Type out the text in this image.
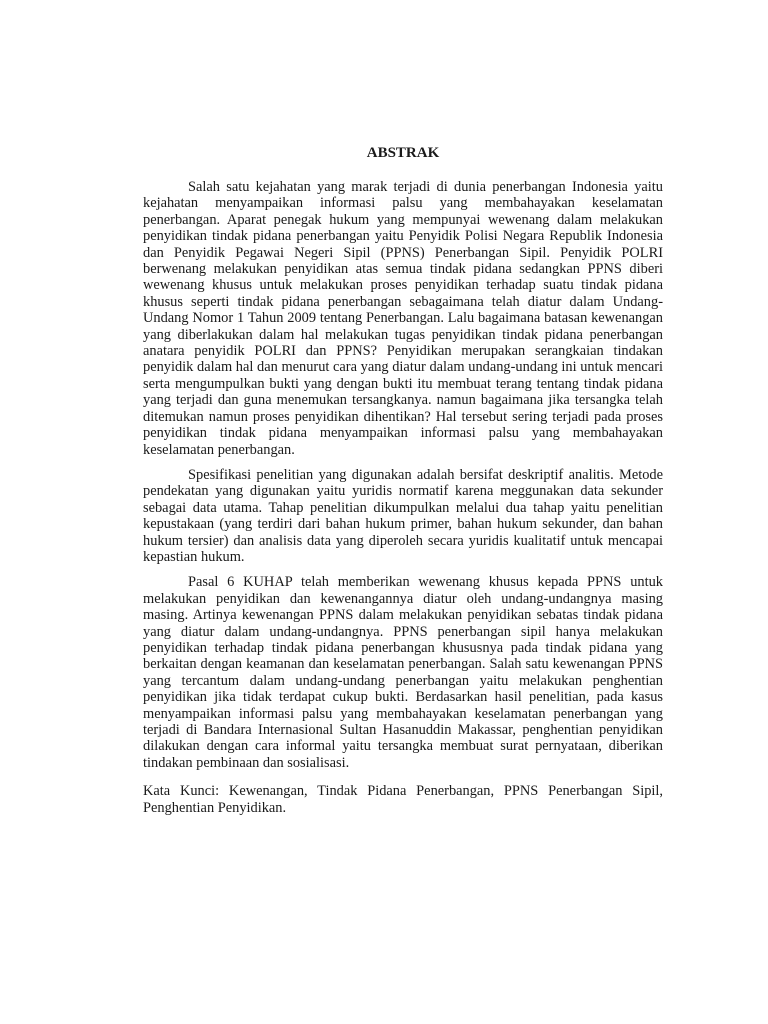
ABSTRAK

Salah satu kejahatan yang marak terjadi di dunia penerbangan Indonesia yaitu kejahatan menyampaikan informasi palsu yang membahayakan keselamatan penerbangan. Aparat penegak hukum yang mempunyai wewenang dalam melakukan penyidikan tindak pidana penerbangan yaitu Penyidik Polisi Negara Republik Indonesia dan Penyidik Pegawai Negeri Sipil (PPNS) Penerbangan Sipil. Penyidik POLRI berwenang melakukan penyidikan atas semua tindak pidana sedangkan PPNS diberi wewenang khusus untuk melakukan proses penyidikan terhadap suatu tindak pidana khusus seperti tindak pidana penerbangan sebagaimana telah diatur dalam Undang-Undang Nomor 1 Tahun 2009 tentang Penerbangan. Lalu bagaimana batasan kewenangan yang diberlakukan dalam hal melakukan tugas penyidikan tindak pidana penerbangan anatara penyidik POLRI dan PPNS? Penyidikan merupakan serangkaian tindakan penyidik dalam hal dan menurut cara yang diatur dalam undang-undang ini untuk mencari serta mengumpulkan bukti yang dengan bukti itu membuat terang tentang tindak pidana yang terjadi dan guna menemukan tersangkanya. namun bagaimana jika tersangka telah ditemukan namun proses penyidikan dihentikan? Hal tersebut sering terjadi pada proses penyidikan tindak pidana menyampaikan informasi palsu yang membahayakan keselamatan penerbangan.

Spesifikasi penelitian yang digunakan adalah bersifat deskriptif analitis. Metode pendekatan yang digunakan yaitu yuridis normatif karena meggunakan data sekunder sebagai data utama. Tahap penelitian dikumpulkan melalui dua tahap yaitu penelitian kepustakaan (yang terdiri dari bahan hukum primer, bahan hukum sekunder, dan bahan hukum tersier) dan analisis data yang diperoleh secara yuridis kualitatif untuk mencapai kepastian hukum.

Pasal 6 KUHAP telah memberikan wewenang khusus kepada PPNS untuk melakukan penyidikan dan kewenangannya diatur oleh undang-undangnya masing masing. Artinya kewenangan PPNS dalam melakukan penyidikan sebatas tindak pidana yang diatur dalam undang-undangnya. PPNS penerbangan sipil hanya melakukan penyidikan terhadap tindak pidana penerbangan khususnya pada tindak pidana yang berkaitan dengan keamanan dan keselamatan penerbangan. Salah satu kewenangan PPNS yang tercantum dalam undang-undang penerbangan yaitu melakukan penghentian penyidikan jika tidak terdapat cukup bukti. Berdasarkan hasil penelitian, pada kasus menyampaikan informasi palsu yang membahayakan keselamatan penerbangan yang terjadi di Bandara Internasional Sultan Hasanuddin Makassar, penghentian penyidikan dilakukan dengan cara informal yaitu tersangka membuat surat pernyataan, diberikan tindakan pembinaan dan sosialisasi.

Kata Kunci: Kewenangan, Tindak Pidana Penerbangan, PPNS Penerbangan Sipil, Penghentian Penyidikan.
